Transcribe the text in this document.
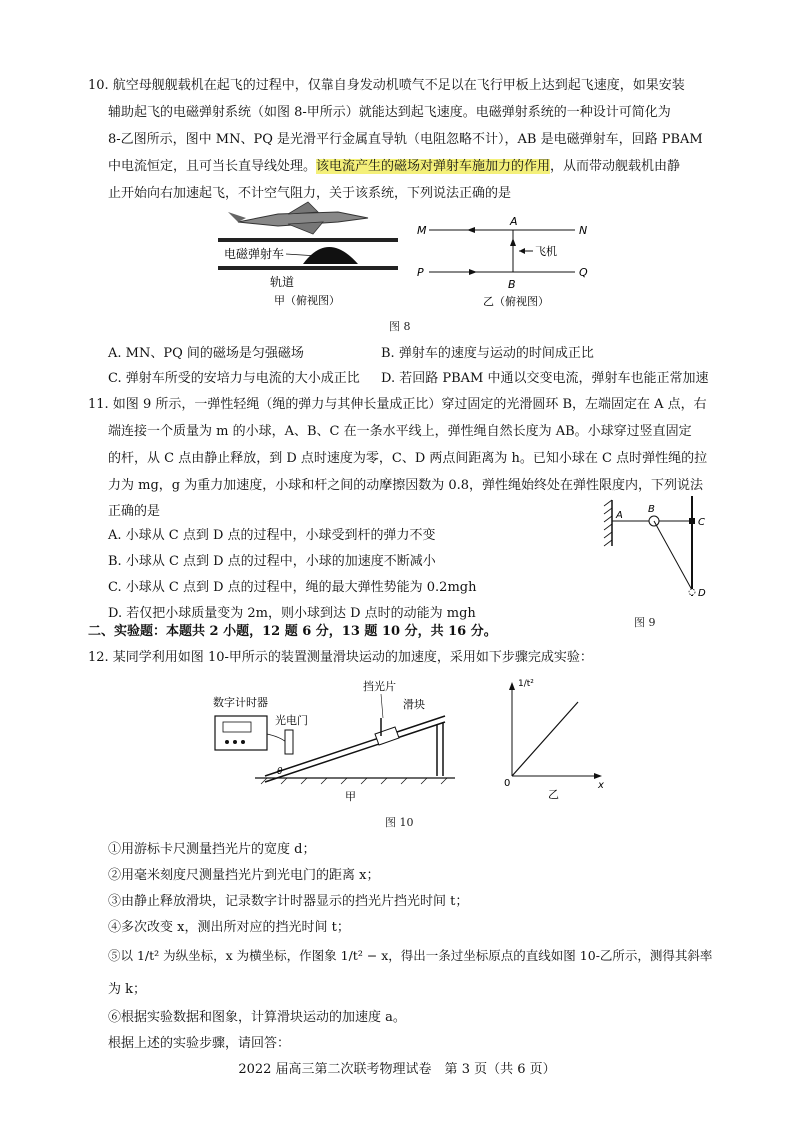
10. 航空母舰舰载机在起飞的过程中，仅靠自身发动机喷气不足以在飞行甲板上达到起飞速度，如果安装
辅助起飞的电磁弹射系统（如图 8-甲所示）就能达到起飞速度。电磁弹射系统的一种设计可简化为
8-乙图所示，图中 MN、PQ 是光滑平行金属直导轨（电阻忽略不计），AB 是电磁弹射车，回路 PBAM
中电流恒定，且可当长直导线处理。该电流产生的磁场对弹射车施加力的作用，从而带动舰载机由静
止开始向右加速起飞，不计空气阻力，关于该系统，下列说法正确的是
电磁弹射车
轨道
甲（俯视图）
M	N
A
飞机
P	Q
B
乙（俯视图）
图 8
A. MN、PQ 间的磁场是匀强磁场	B. 弹射车的速度与运动的时间成正比
C. 弹射车所受的安培力与电流的大小成正比 D. 若回路 PBAM 中通以交变电流，弹射车也能正常加速
11. 如图 9 所示，一弹性轻绳（绳的弹力与其伸长量成正比）穿过固定的光滑圆环 B，左端固定在 A 点，右
端连接一个质量为 m 的小球，A、B、C 在一条水平线上，弹性绳自然长度为 AB。小球穿过竖直固定
的杆，从 C 点由静止释放，到 D 点时速度为零，C、D 两点间距离为 h。已知小球在 C 点时弹性绳的拉
力为 mg，g 为重力加速度，小球和杆之间的动摩擦因数为 0.8，弹性绳始终处在弹性限度内，下列说法
正确的是
A. 小球从 C 点到 D 点的过程中，小球受到杆的弹力不变
B. 小球从 C 点到 D 点的过程中，小球的加速度不断减小
C. 小球从 C 点到 D 点的过程中，绳的最大弹性势能为 0.2mgh
D. 若仅把小球质量变为 2m，则小球到达 D 点时的动能为 mgh
A
B
C
D
图 9
二、实验题：本题共 2 小题，12 题 6 分，13 题 10 分，共 16 分。
12. 某同学利用如图 10-甲所示的装置测量滑块运动的加速度，采用如下步骤完成实验：
数字计时器
光电门
挡光片
滑块
θ
甲
1/t²
x
0
乙
图 10
①用游标卡尺测量挡光片的宽度 d；
②用毫米刻度尺测量挡光片到光电门的距离 x；
③由静止释放滑块，记录数字计时器显示的挡光片挡光时间 t；
④多次改变 x，测出所对应的挡光时间 t；
⑤以 1/t² 为纵坐标，x 为横坐标，作图象 1/t² − x，得出一条过坐标原点的直线如图 10-乙所示，测得其斜率
为 k；
⑥根据实验数据和图象，计算滑块运动的加速度 a。
根据上述的实验步骤，请回答：
2022 届高三第二次联考物理试卷　第 3 页（共 6 页）
